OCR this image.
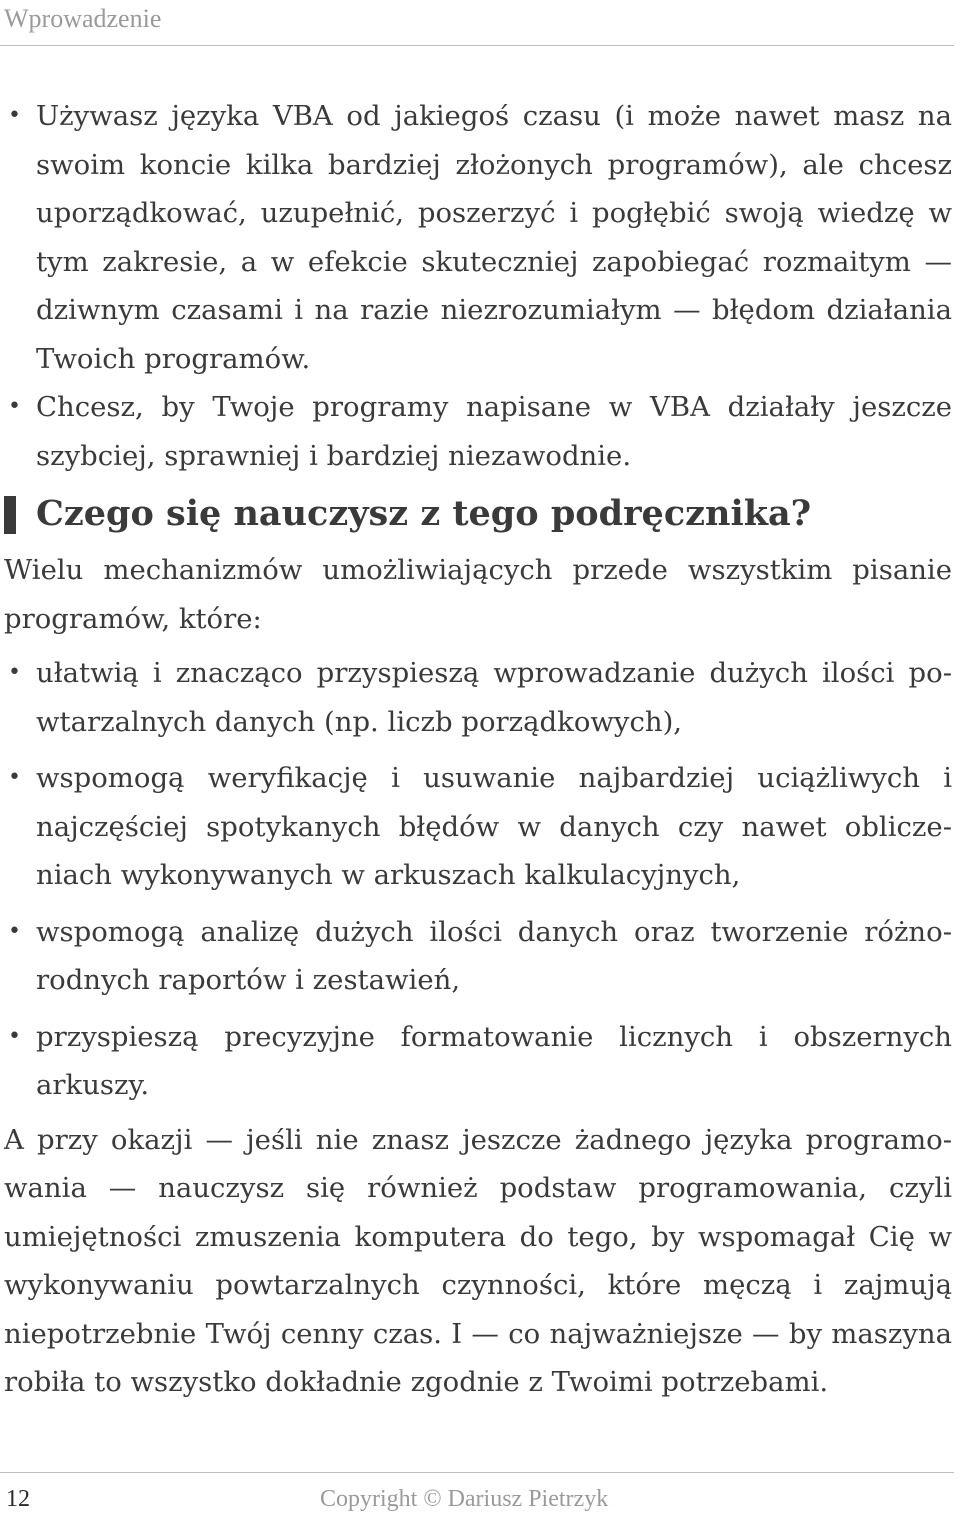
Wprowadzenie
• Używasz języka VBA od jakiegoś czasu (i może nawet masz na swoim koncie kilka bardziej złożonych programów), ale chcesz uporządkować, uzupełnić, poszerzyć i pogłębić swoją wiedzę w tym zakresie, a w efekcie skuteczniej zapobiegać rozmaitym — dziwnym czasami i na razie niezrozumiałym — błędom działania Twoich programów.
• Chcesz, by Twoje programy napisane w VBA działały jeszcze szybciej, sprawniej i bardziej niezawodnie.
Czego się nauczysz z tego podręcznika?

Wielu mechanizmów umożliwiających przede wszystkim pisanie programów, które:

• ułatwią i znacząco przyspieszą wprowadzanie dużych ilości powtarzalnych danych (np. liczb porządkowych),
• wspomogą weryfikację i usuwanie najbardziej uciążliwych i najczęściej spotykanych błędów w danych czy nawet obliczeniach wykonywanych w arkuszach kalkulacyjnych,
• wspomogą analizę dużych ilości danych oraz tworzenie różnorodnych raportów i zestawień,
• przyspieszą precyzyjne formatowanie licznych i obszernych arkuszy.

A przy okazji — jeśli nie znasz jeszcze żadnego języka programowania — nauczysz się również podstaw programowania, czyli umiejętności zmuszenia komputera do tego, by wspomagał Cię w wykonywaniu powtarzalnych czynności, które męczą i zajmują niepotrzebnie Twój cenny czas. I — co najważniejsze — by maszyna robiła to wszystko dokładnie zgodnie z Twoimi potrzebami.

12	Copyright © Dariusz Pietrzyk
